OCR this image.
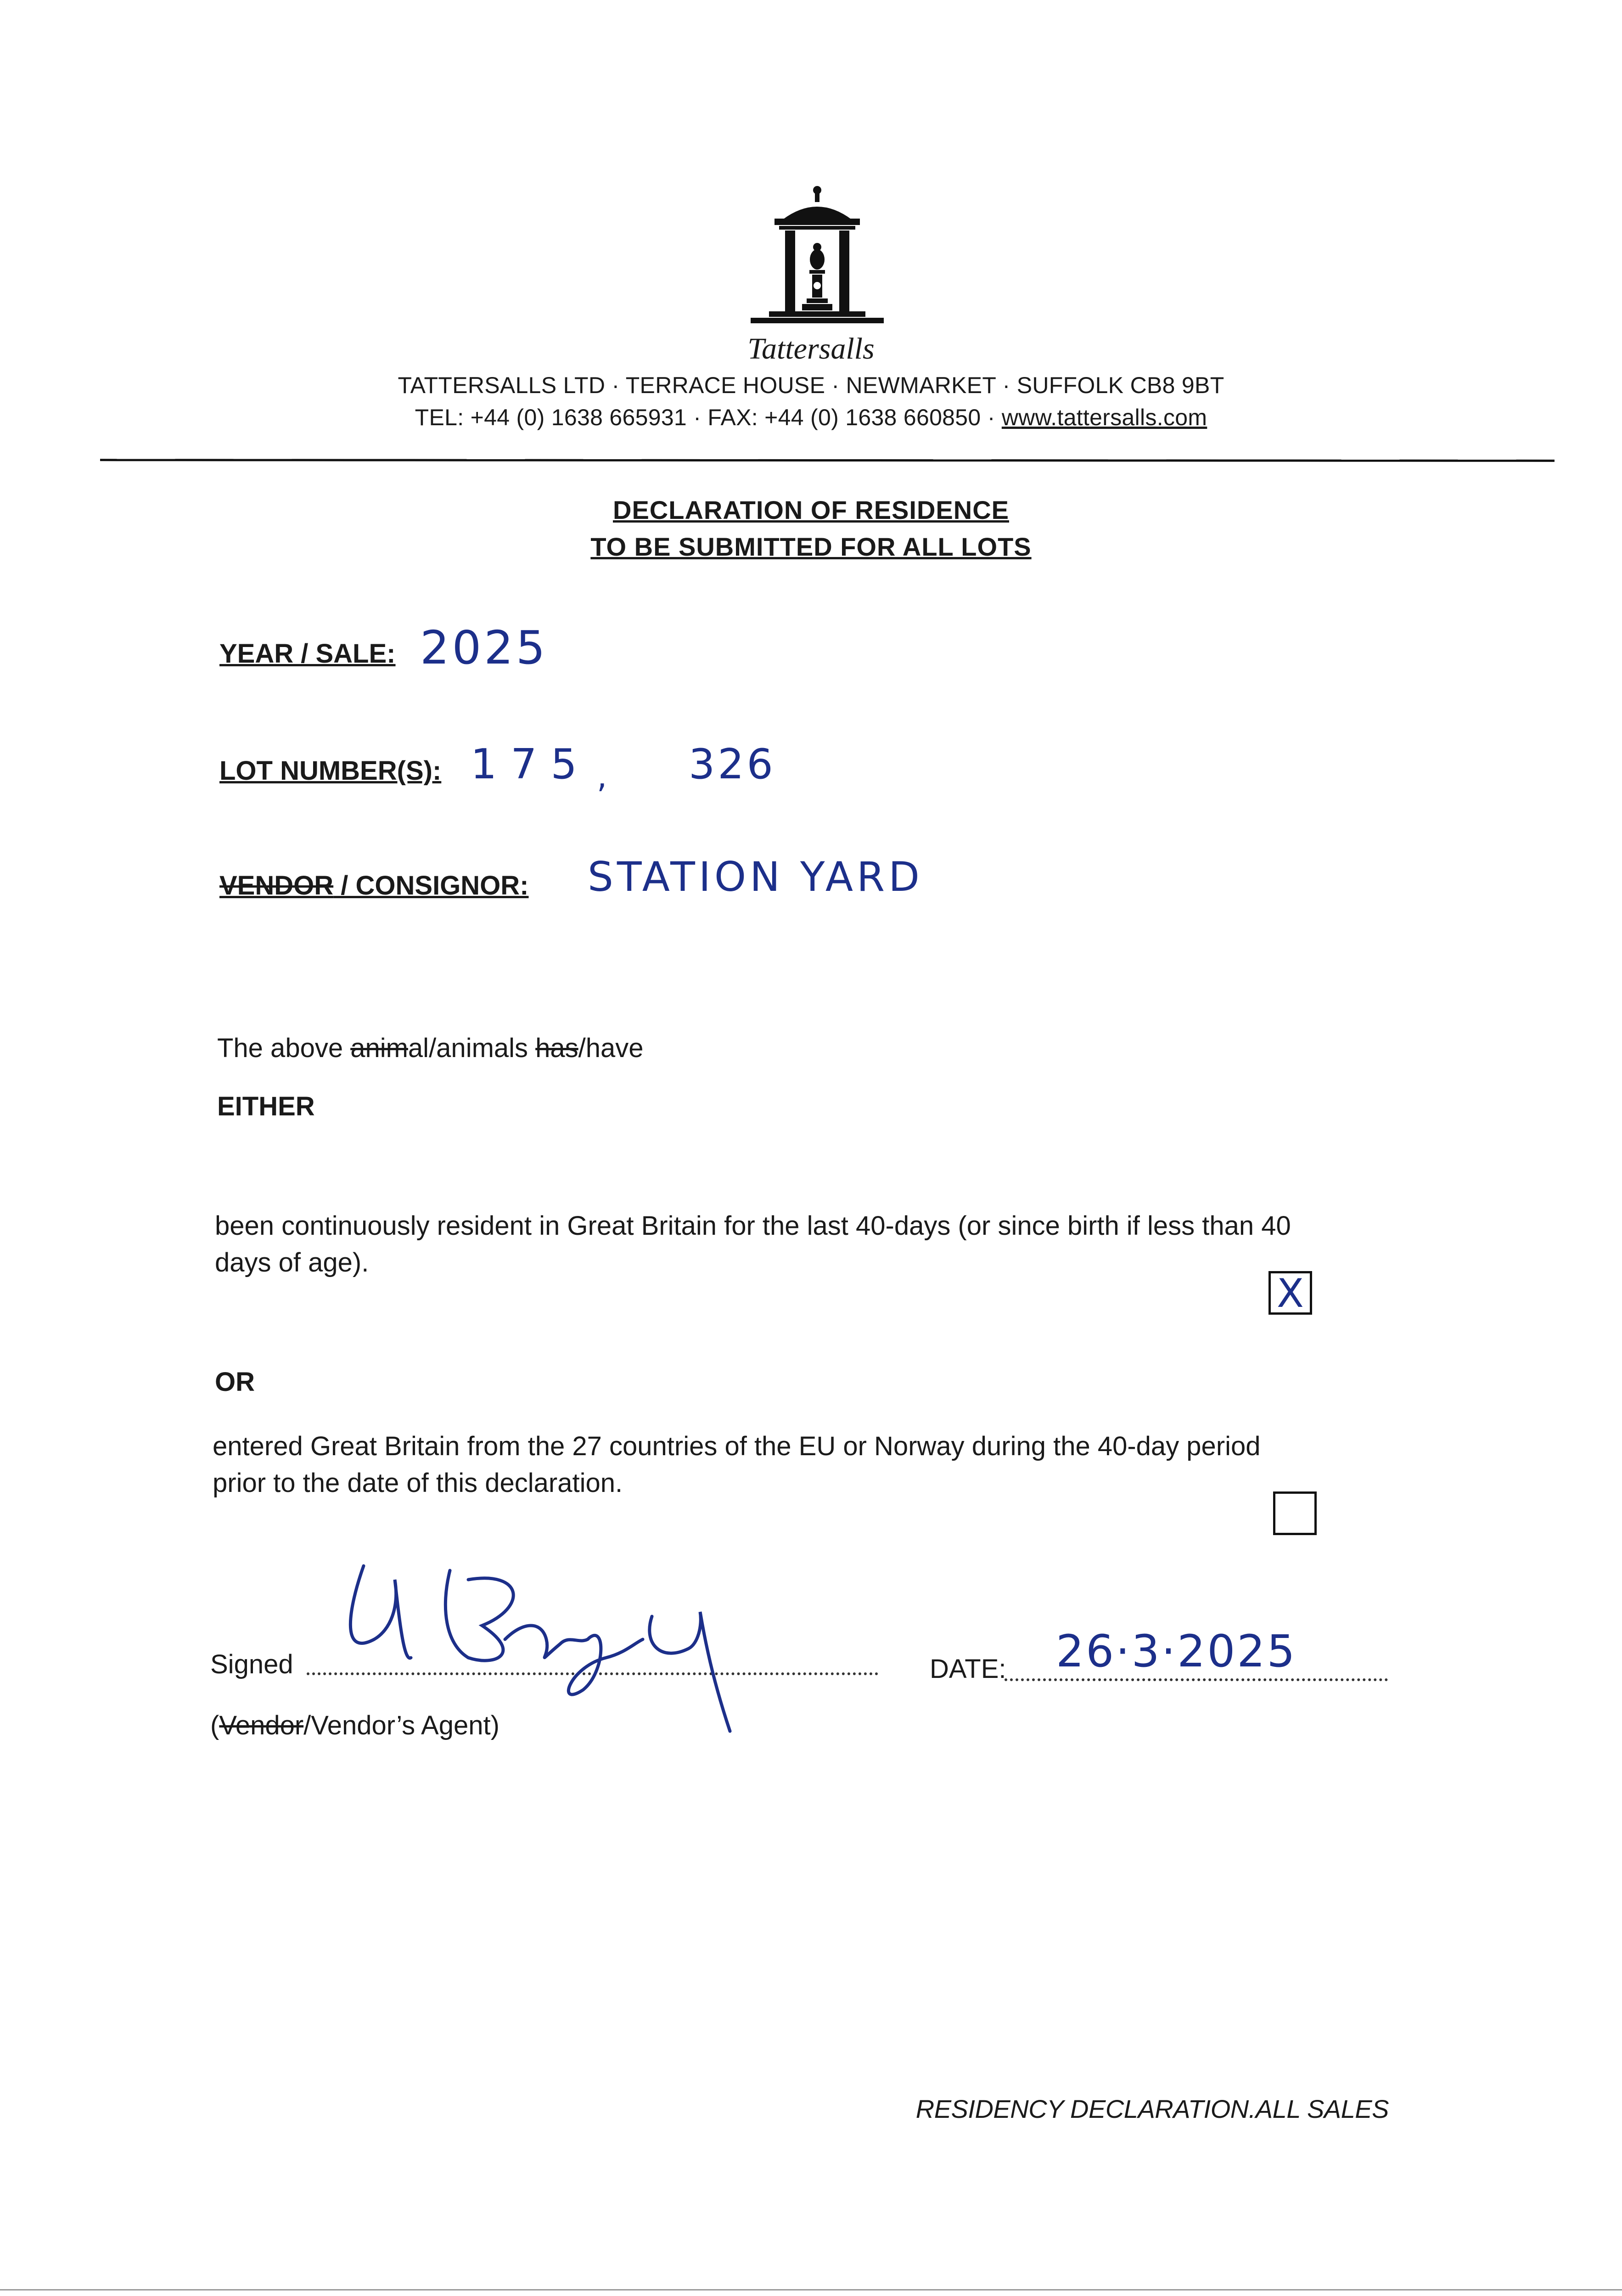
Tattersalls
TATTERSALLS LTD · TERRACE HOUSE · NEWMARKET · SUFFOLK CB8 9BT
TEL: +44 (0) 1638 665931 · FAX: +44 (0) 1638 660850 · www.tattersalls.com
DECLARATION OF RESIDENCE
TO BE SUBMITTED FOR ALL LOTS
YEAR / SALE: 2025
LOT NUMBER(S): 175 , 326
VENDOR / CONSIGNOR: STATION YARD
The above animal/animals has/have
EITHER
been continuously resident in Great Britain for the last 40-days (or since birth if less than 40
days of age).
X
OR
entered Great Britain from the 27 countries of the EU or Norway during the 40-day period
prior to the date of this declaration.
Signed
(Vendor/Vendor’s Agent)
DATE: 26·3·2025
RESIDENCY DECLARATION.ALL SALES
